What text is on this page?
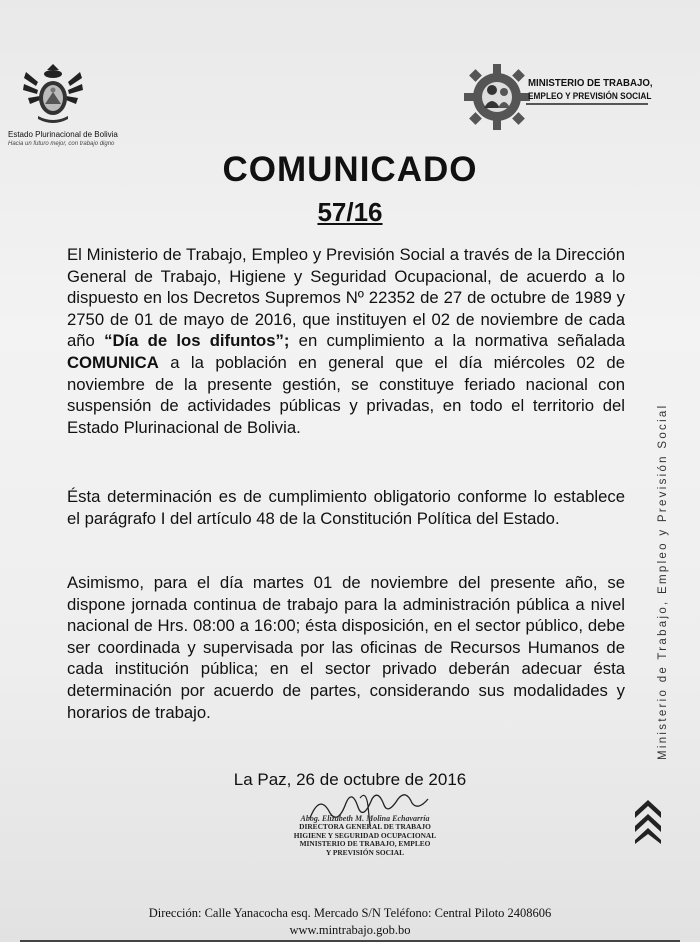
Estado Plurinacional de Bolivia
Hacia un futuro mejor, con trabajo digno
MINISTERIO DE TRABAJO,
EMPLEO Y PREVISIÓN SOCIAL
COMUNICADO
57/16
El Ministerio de Trabajo, Empleo y Previsión Social a través de la Dirección General de Trabajo, Higiene y Seguridad Ocupacional, de acuerdo a lo dispuesto en los Decretos Supremos Nº 22352 de 27 de octubre de 1989 y 2750 de 01 de mayo de 2016, que instituyen el 02 de noviembre de cada año “Día de los difuntos”; en cumplimiento a la normativa señalada COMUNICA a la población en general que el día miércoles 02 de noviembre de la presente gestión, se constituye feriado nacional con suspensión de actividades públicas y privadas, en todo el territorio del Estado Plurinacional de Bolivia.
Ésta determinación es de cumplimiento obligatorio conforme lo establece el parágrafo I del artículo 48 de la Constitución Política del Estado.
Asimismo, para el día martes 01 de noviembre del presente año, se dispone jornada continua de trabajo para la administración pública a nivel nacional de Hrs. 08:00 a 16:00; ésta disposición, en el sector público, debe ser coordinada y supervisada por las oficinas de Recursos Humanos de cada institución pública; en el sector privado deberán adecuar ésta determinación por acuerdo de partes, considerando sus modalidades y horarios de trabajo.
La Paz, 26 de octubre de 2016
Abog. Elizabeth M. Molina Echavarría
DIRECTORA GENERAL DE TRABAJO
HIGIENE Y SEGURIDAD OCUPACIONAL
MINISTERIO DE TRABAJO, EMPLEO
Y PREVISIÓN SOCIAL
Ministerio de Trabajo, Empleo y Previsión Social
Dirección: Calle Yanacocha esq. Mercado S/N Teléfono: Central Piloto 2408606
www.mintrabajo.gob.bo
